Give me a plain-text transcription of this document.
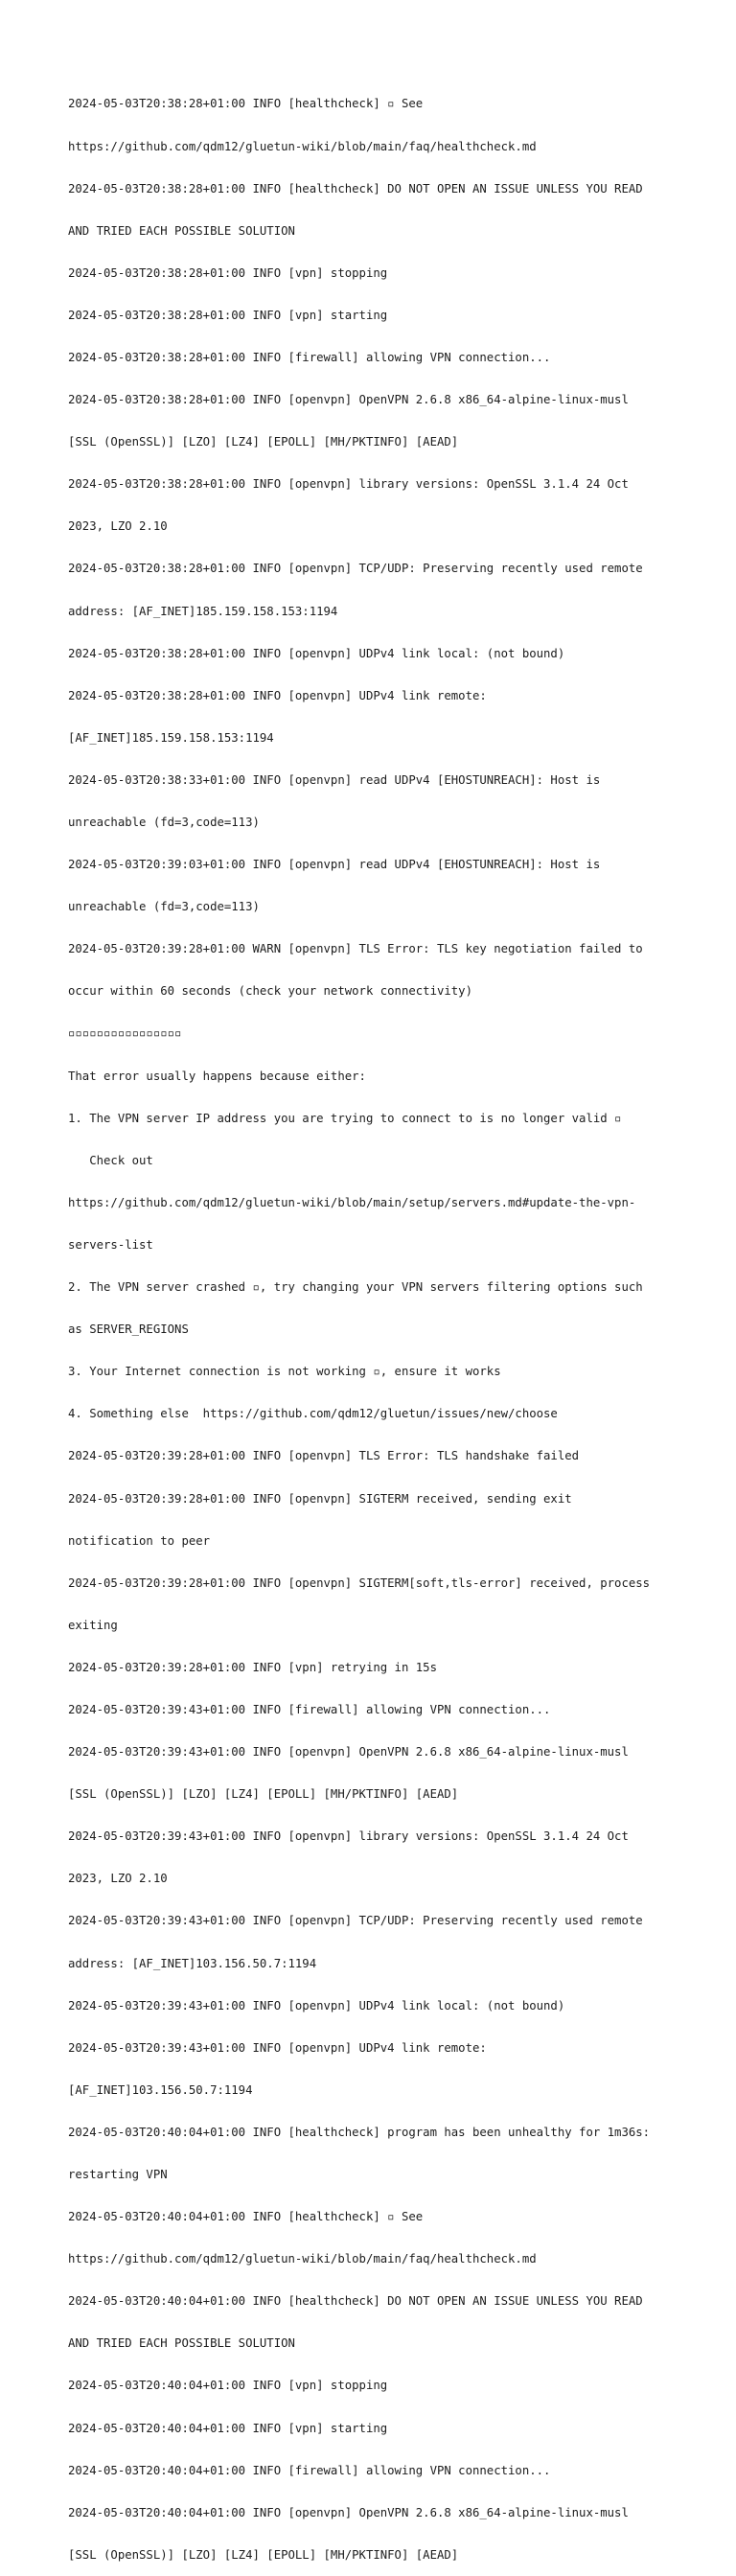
2024-05-03T20:38:28+01:00 INFO [healthcheck] ▫ See

https://github.com/qdm12/gluetun-wiki/blob/main/faq/healthcheck.md

2024-05-03T20:38:28+01:00 INFO [healthcheck] DO NOT OPEN AN ISSUE UNLESS YOU READ

AND TRIED EACH POSSIBLE SOLUTION

2024-05-03T20:38:28+01:00 INFO [vpn] stopping

2024-05-03T20:38:28+01:00 INFO [vpn] starting

2024-05-03T20:38:28+01:00 INFO [firewall] allowing VPN connection...

2024-05-03T20:38:28+01:00 INFO [openvpn] OpenVPN 2.6.8 x86_64-alpine-linux-musl

[SSL (OpenSSL)] [LZO] [LZ4] [EPOLL] [MH/PKTINFO] [AEAD]

2024-05-03T20:38:28+01:00 INFO [openvpn] library versions: OpenSSL 3.1.4 24 Oct

2023, LZO 2.10

2024-05-03T20:38:28+01:00 INFO [openvpn] TCP/UDP: Preserving recently used remote

address: [AF_INET]185.159.158.153:1194

2024-05-03T20:38:28+01:00 INFO [openvpn] UDPv4 link local: (not bound)

2024-05-03T20:38:28+01:00 INFO [openvpn] UDPv4 link remote:

[AF_INET]185.159.158.153:1194

2024-05-03T20:38:33+01:00 INFO [openvpn] read UDPv4 [EHOSTUNREACH]: Host is

unreachable (fd=3,code=113)

2024-05-03T20:39:03+01:00 INFO [openvpn] read UDPv4 [EHOSTUNREACH]: Host is

unreachable (fd=3,code=113)

2024-05-03T20:39:28+01:00 WARN [openvpn] TLS Error: TLS key negotiation failed to

occur within 60 seconds (check your network connectivity)

▫▫▫▫▫▫▫▫▫▫▫▫▫▫▫▫

That error usually happens because either:

1. The VPN server IP address you are trying to connect to is no longer valid ▫

Check out

https://github.com/qdm12/gluetun-wiki/blob/main/setup/servers.md#update-the-vpn-

servers-list

2. The VPN server crashed ▫, try changing your VPN servers filtering options such

as SERVER_REGIONS

3. Your Internet connection is not working ▫, ensure it works

4. Something else  https://github.com/qdm12/gluetun/issues/new/choose

2024-05-03T20:39:28+01:00 INFO [openvpn] TLS Error: TLS handshake failed

2024-05-03T20:39:28+01:00 INFO [openvpn] SIGTERM received, sending exit

notification to peer

2024-05-03T20:39:28+01:00 INFO [openvpn] SIGTERM[soft,tls-error] received, process

exiting

2024-05-03T20:39:28+01:00 INFO [vpn] retrying in 15s

2024-05-03T20:39:43+01:00 INFO [firewall] allowing VPN connection...

2024-05-03T20:39:43+01:00 INFO [openvpn] OpenVPN 2.6.8 x86_64-alpine-linux-musl

[SSL (OpenSSL)] [LZO] [LZ4] [EPOLL] [MH/PKTINFO] [AEAD]

2024-05-03T20:39:43+01:00 INFO [openvpn] library versions: OpenSSL 3.1.4 24 Oct

2023, LZO 2.10

2024-05-03T20:39:43+01:00 INFO [openvpn] TCP/UDP: Preserving recently used remote

address: [AF_INET]103.156.50.7:1194

2024-05-03T20:39:43+01:00 INFO [openvpn] UDPv4 link local: (not bound)

2024-05-03T20:39:43+01:00 INFO [openvpn] UDPv4 link remote:

[AF_INET]103.156.50.7:1194

2024-05-03T20:40:04+01:00 INFO [healthcheck] program has been unhealthy for 1m36s:

restarting VPN

2024-05-03T20:40:04+01:00 INFO [healthcheck] ▫ See

https://github.com/qdm12/gluetun-wiki/blob/main/faq/healthcheck.md

2024-05-03T20:40:04+01:00 INFO [healthcheck] DO NOT OPEN AN ISSUE UNLESS YOU READ

AND TRIED EACH POSSIBLE SOLUTION

2024-05-03T20:40:04+01:00 INFO [vpn] stopping

2024-05-03T20:40:04+01:00 INFO [vpn] starting

2024-05-03T20:40:04+01:00 INFO [firewall] allowing VPN connection...

2024-05-03T20:40:04+01:00 INFO [openvpn] OpenVPN 2.6.8 x86_64-alpine-linux-musl

[SSL (OpenSSL)] [LZO] [LZ4] [EPOLL] [MH/PKTINFO] [AEAD]
